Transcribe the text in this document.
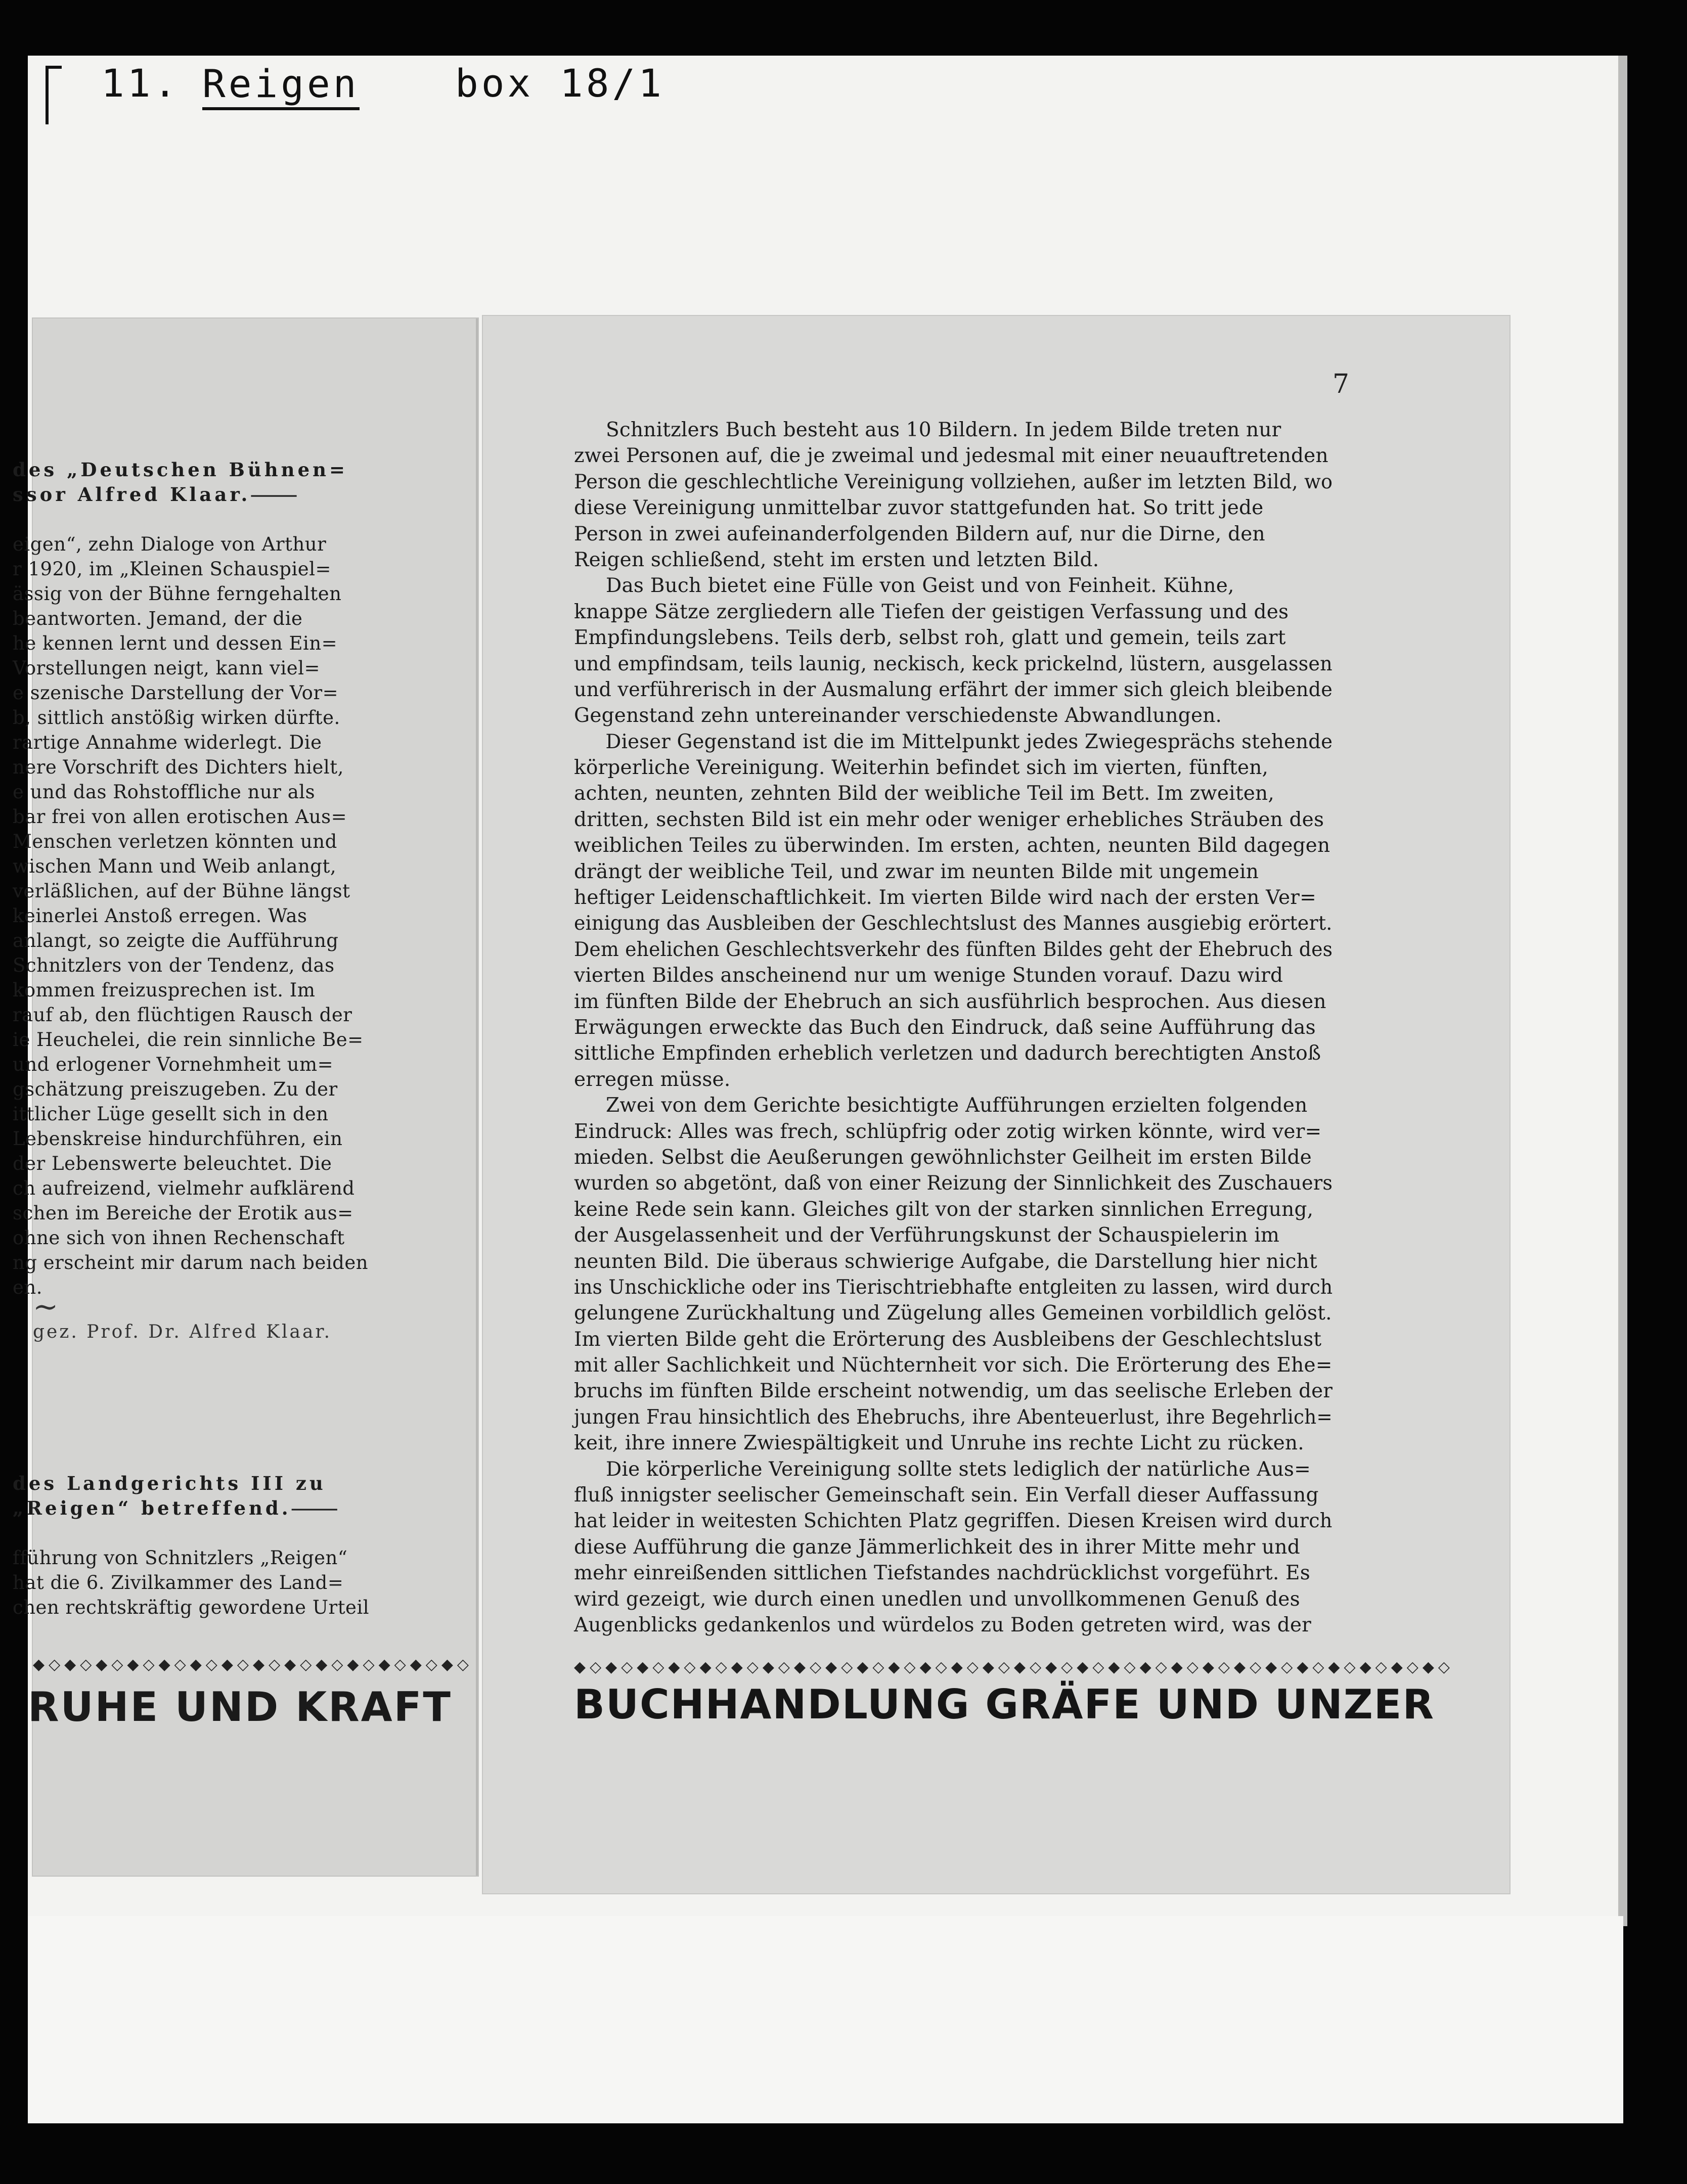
11. Reigen box 18/1
∼
◆◇◆◇◆◇◆◇◆◇◆◇◆◇◆◇◆◇◆◇◆◇◆◇◆◇◆◇
RUHE UND KRAFT
des „Deutschen Bühnen=
ssor Alfred Klaar.⸻
eigen“, zehn Dialoge von Arthur
r 1920, im „Kleinen Schauspiel=
ässig von der Bühne ferngehalten
beantworten. Jemand, der die
he kennen lernt und dessen Ein=
Vorstellungen neigt, kann viel=
e szenische Darstellung der Vor=
b, sittlich anstößig wirken dürfte.
rartige Annahme widerlegt. Die
nere Vorschrift des Dichters hielt,
e und das Rohstoffliche nur als
bar frei von allen erotischen Aus=
Menschen verletzen könnten und
wischen Mann und Weib anlangt,
verläßlichen, auf der Bühne längst
keinerlei Anstoß erregen. Was
anlangt, so zeigte die Aufführung
Schnitzlers von der Tendenz, das
kommen freizusprechen ist. Im
rauf ab, den flüchtigen Rausch der
ie Heuchelei, die rein sinnliche Be=
und erlogener Vornehmheit um=
gschätzung preiszugeben. Zu der
ittlicher Lüge gesellt sich in den
Lebenskreise hindurchführen, ein
der Lebenswerte beleuchtet. Die
ch aufreizend, vielmehr aufklärend
schen im Bereiche der Erotik aus=
ohne sich von ihnen Rechenschaft
ng erscheint mir darum nach beiden
en.
gez. Prof. Dr. Alfred Klaar.
des Landgerichts III zu
„Reigen“ betreffend.⸻
fführung von Schnitzlers „Reigen“
hat die 6. Zivilkammer des Land=
chen rechtskräftig gewordene Urteil
7
Schnitzlers Buch besteht aus 10 Bildern. In jedem Bilde treten nur
zwei Personen auf, die je zweimal und jedesmal mit einer neuauftretenden
Person die geschlechtliche Vereinigung vollziehen, außer im letzten Bild, wo
diese Vereinigung unmittelbar zuvor stattgefunden hat. So tritt jede
Person in zwei aufeinanderfolgenden Bildern auf, nur die Dirne, den
Reigen schließend, steht im ersten und letzten Bild.
Das Buch bietet eine Fülle von Geist und von Feinheit. Kühne,
knappe Sätze zergliedern alle Tiefen der geistigen Verfassung und des
Empfindungslebens. Teils derb, selbst roh, glatt und gemein, teils zart
und empfindsam, teils launig, neckisch, keck prickelnd, lüstern, ausgelassen
und verführerisch in der Ausmalung erfährt der immer sich gleich bleibende
Gegenstand zehn untereinander verschiedenste Abwandlungen.
Dieser Gegenstand ist die im Mittelpunkt jedes Zwiegesprächs stehende
körperliche Vereinigung. Weiterhin befindet sich im vierten, fünften,
achten, neunten, zehnten Bild der weibliche Teil im Bett. Im zweiten,
dritten, sechsten Bild ist ein mehr oder weniger erhebliches Sträuben des
weiblichen Teiles zu überwinden. Im ersten, achten, neunten Bild dagegen
drängt der weibliche Teil, und zwar im neunten Bilde mit ungemein
heftiger Leidenschaftlichkeit. Im vierten Bilde wird nach der ersten Ver=
einigung das Ausbleiben der Geschlechtslust des Mannes ausgiebig erörtert.
Dem ehelichen Geschlechtsverkehr des fünften Bildes geht der Ehebruch des
vierten Bildes anscheinend nur um wenige Stunden vorauf. Dazu wird
im fünften Bilde der Ehebruch an sich ausführlich besprochen. Aus diesen
Erwägungen erweckte das Buch den Eindruck, daß seine Aufführung das
sittliche Empfinden erheblich verletzen und dadurch berechtigten Anstoß
erregen müsse.
Zwei von dem Gerichte besichtigte Aufführungen erzielten folgenden
Eindruck: Alles was frech, schlüpfrig oder zotig wirken könnte, wird ver=
mieden. Selbst die Aeußerungen gewöhnlichster Geilheit im ersten Bilde
wurden so abgetönt, daß von einer Reizung der Sinnlichkeit des Zuschauers
keine Rede sein kann. Gleiches gilt von der starken sinnlichen Erregung,
der Ausgelassenheit und der Verführungskunst der Schauspielerin im
neunten Bild. Die überaus schwierige Aufgabe, die Darstellung hier nicht
ins Unschickliche oder ins Tierischtriebhafte entgleiten zu lassen, wird durch
gelungene Zurückhaltung und Zügelung alles Gemeinen vorbildlich gelöst.
Im vierten Bilde geht die Erörterung des Ausbleibens der Geschlechtslust
mit aller Sachlichkeit und Nüchternheit vor sich. Die Erörterung des Ehe=
bruchs im fünften Bilde erscheint notwendig, um das seelische Erleben der
jungen Frau hinsichtlich des Ehebruchs, ihre Abenteuerlust, ihre Begehrlich=
keit, ihre innere Zwiespältigkeit und Unruhe ins rechte Licht zu rücken.
Die körperliche Vereinigung sollte stets lediglich der natürliche Aus=
fluß innigster seelischer Gemeinschaft sein. Ein Verfall dieser Auffassung
hat leider in weitesten Schichten Platz gegriffen. Diesen Kreisen wird durch
diese Aufführung die ganze Jämmerlichkeit des in ihrer Mitte mehr und
mehr einreißenden sittlichen Tiefstandes nachdrücklichst vorgeführt. Es
wird gezeigt, wie durch einen unedlen und unvollkommenen Genuß des
Augenblicks gedankenlos und würdelos zu Boden getreten wird, was der
◆◇◆◇◆◇◆◇◆◇◆◇◆◇◆◇◆◇◆◇◆◇◆◇◆◇◆◇◆◇◆◇◆◇◆◇◆◇◆◇◆◇◆◇◆◇◆◇◆◇◆◇◆◇◆◇
BUCHHANDLUNG GRÄFE UND UNZER
